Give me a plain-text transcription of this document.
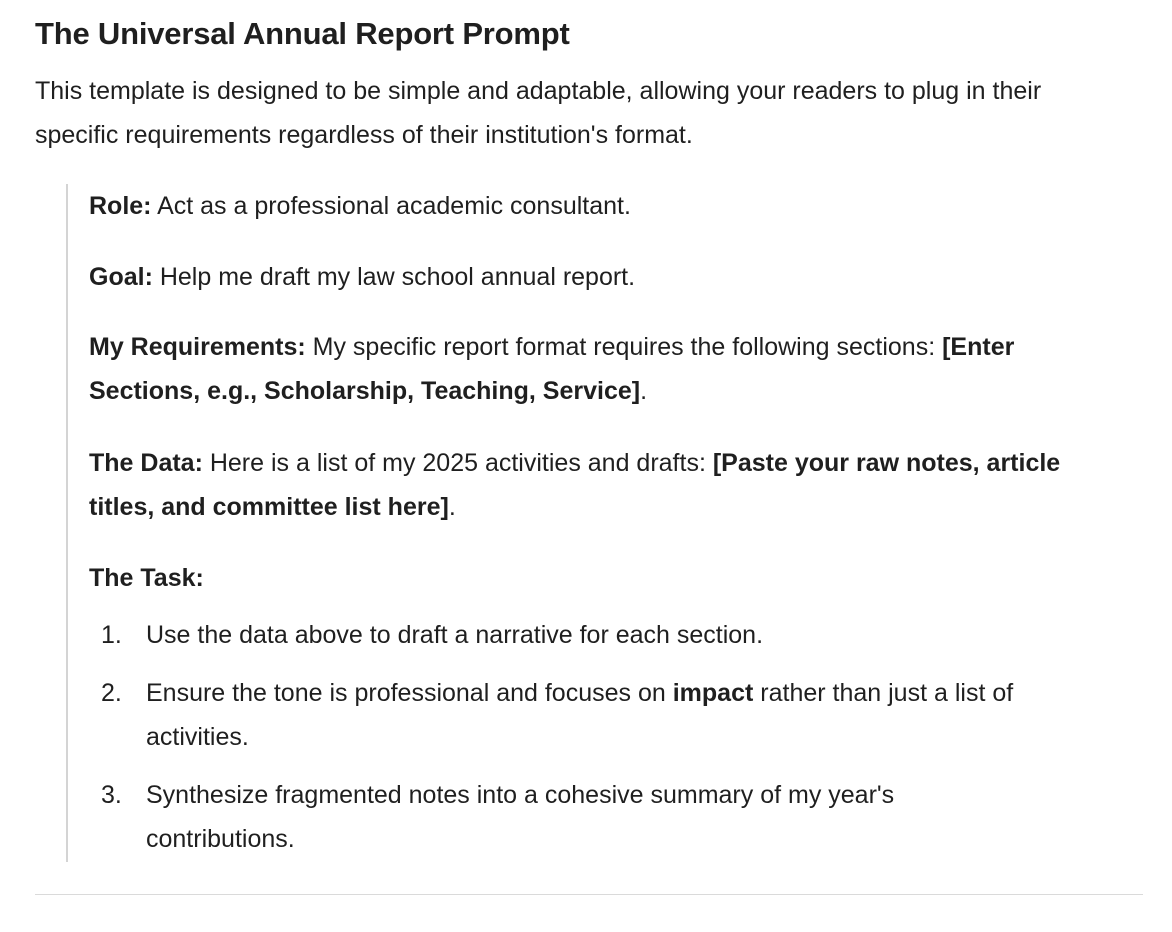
The Universal Annual Report Prompt

This template is designed to be simple and adaptable, allowing your readers to plug in their specific requirements regardless of their institution's format.

Role: Act as a professional academic consultant.

Goal: Help me draft my law school annual report.

My Requirements: My specific report format requires the following sections: [Enter Sections, e.g., Scholarship, Teaching, Service].

The Data: Here is a list of my 2025 activities and drafts: [Paste your raw notes, article titles, and committee list here].

The Task:

1. Use the data above to draft a narrative for each section.
2. Ensure the tone is professional and focuses on impact rather than just a list of activities.
3. Synthesize fragmented notes into a cohesive summary of my year's contributions.
